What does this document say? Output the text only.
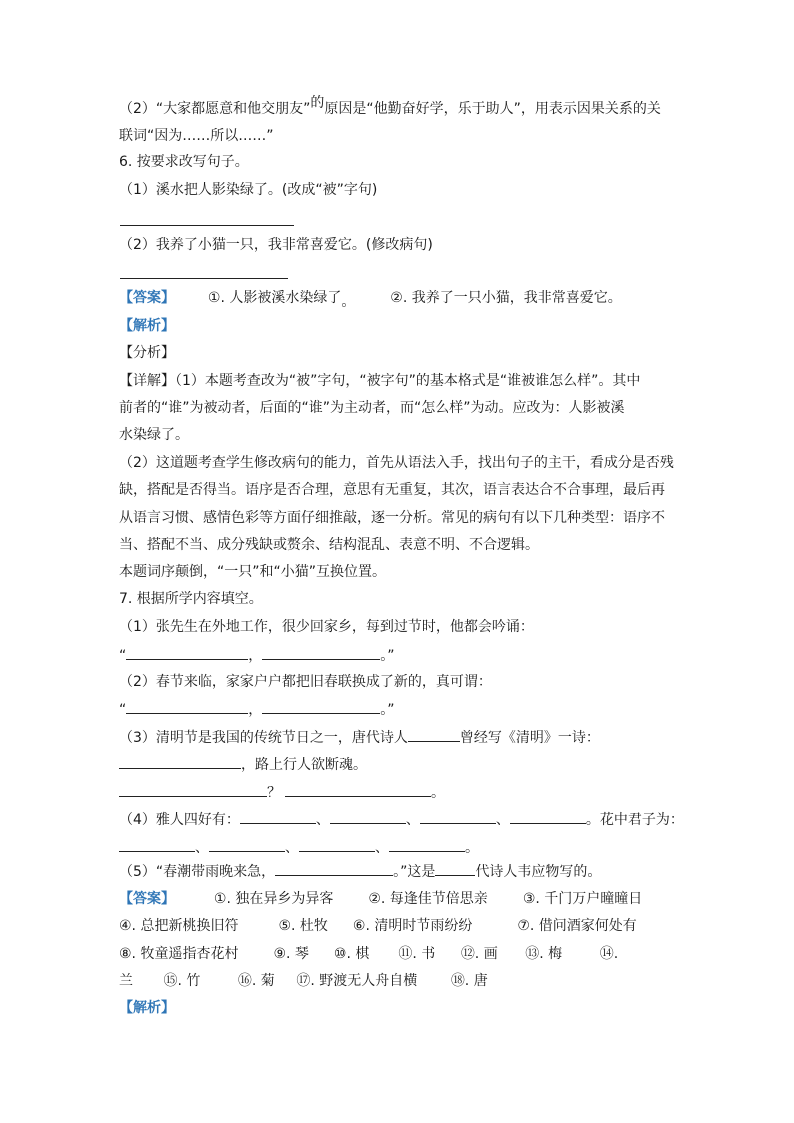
（2）“大家都愿意和他交朋友”的原因是“他勤奋好学，乐于助人”，用表示因果关系的关
联词“因为……所以……”
6. 按要求改写句子。
（1）溪水把人影染绿了。(改成“被”字句)
（2）我养了小猫一只，我非常喜爱它。(修改病句)
【答案】 ①. 人影被溪水染绿了。 ②. 我养了一只小猫，我非常喜爱它。
【解析】
【分析】
【详解】（1）本题考查改为“被”字句，“被字句”的基本格式是“谁被谁怎么样”。其中
前者的“谁”为被动者，后面的“谁”为主动者，而“怎么样”为动。应改为：人影被溪
水染绿了。
（2）这道题考查学生修改病句的能力，首先从语法入手，找出句子的主干，看成分是否残
缺，搭配是否得当。语序是否合理，意思有无重复，其次，语言表达合不合事理，最后再
从语言习惯、感情色彩等方面仔细推敲，逐一分析。常见的病句有以下几种类型：语序不
当、搭配不当、成分残缺或赘余、结构混乱、表意不明、不合逻辑。
本题词序颠倒，“一只”和“小猫”互换位置。
7. 根据所学内容填空。
（1）张先生在外地工作，很少回家乡，每到过节时，他都会吟诵：
“	，	。”
（2）春节来临，家家户户都把旧春联换成了新的，真可谓：
“	，	。”
（3）清明节是我国的传统节日之一，唐代诗人	曾经写《清明》一诗：
，路上行人欲断魂。
？	。
（4）雅人四好有：	、	、	、	。花中君子为：
、	、	、	。
（5）“春潮带雨晚来急，	。”这是	代诗人韦应物写的。
【答案】	①. 独在异乡为异客	②. 每逢佳节倍思亲	③. 千门万户曈曈日
④. 总把新桃换旧符	⑤. 杜牧 ⑥. 清明时节雨纷纷	⑦. 借问酒家何处有
⑧. 牧童遥指杏花村	⑨. 琴 ⑩. 棋 ⑪. 书 ⑫. 画 ⑬. 梅	⑭.
兰 ⑮. 竹	⑯. 菊 ⑰. 野渡无人舟自横 ⑱. 唐
【解析】
